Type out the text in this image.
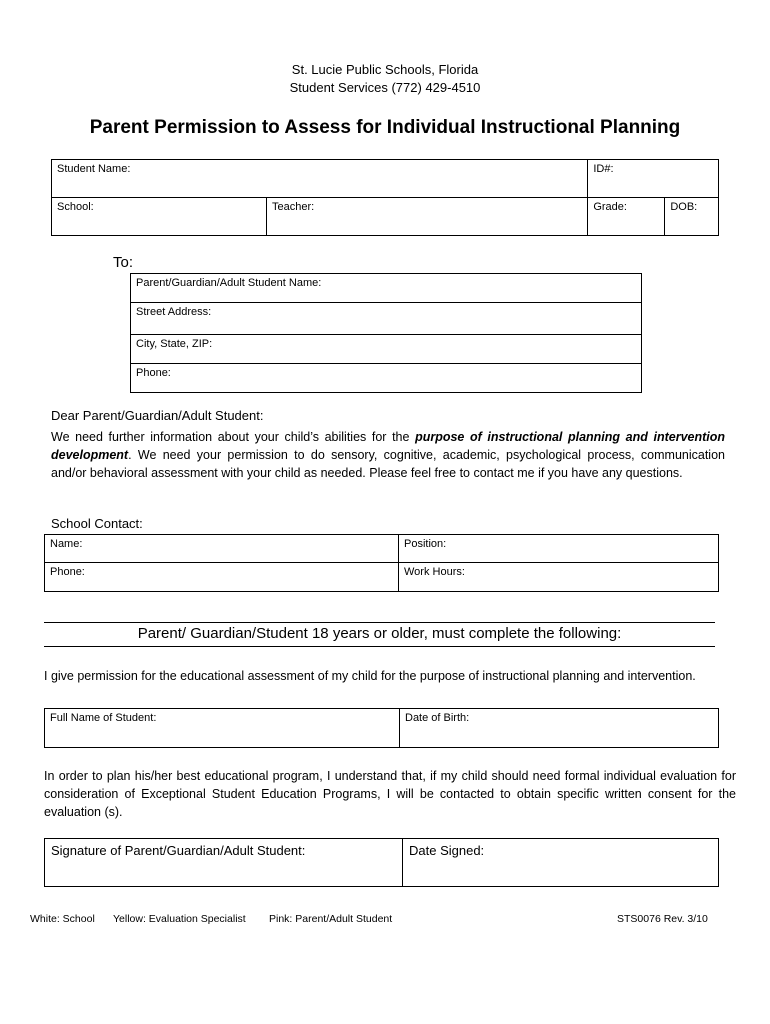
St. Lucie Public Schools, Florida
Student Services (772) 429-4510
Parent Permission to Assess for Individual Instructional Planning
Student Name:		ID#:	
School:	Teacher:	Grade:	DOB:
To:
Parent/Guardian/Adult Student Name:
Street Address:
City, State, ZIP:
Phone:
Dear Parent/Guardian/Adult Student:
We need further information about your child’s abilities for the purpose of instructional planning and intervention development. We need your permission to do sensory, cognitive, academic, psychological process, communication and/or behavioral assessment with your child as needed. Please feel free to contact me if you have any questions.
School Contact:
Name:	Position:
Phone:	Work Hours:
Parent/ Guardian/Student 18 years or older, must complete the following:
I give permission for the educational assessment of my child for the purpose of instructional planning and intervention.
Full Name of Student:	Date of Birth:
In order to plan his/her best educational program, I understand that, if my child should need formal individual evaluation for consideration of Exceptional Student Education Programs, I will be contacted to obtain specific written consent for the evaluation (s).
Signature of Parent/Guardian/Adult Student:	Date Signed:
White: School Yellow: Evaluation Specialist Pink: Parent/Adult Student	STS0076 Rev. 3/10
